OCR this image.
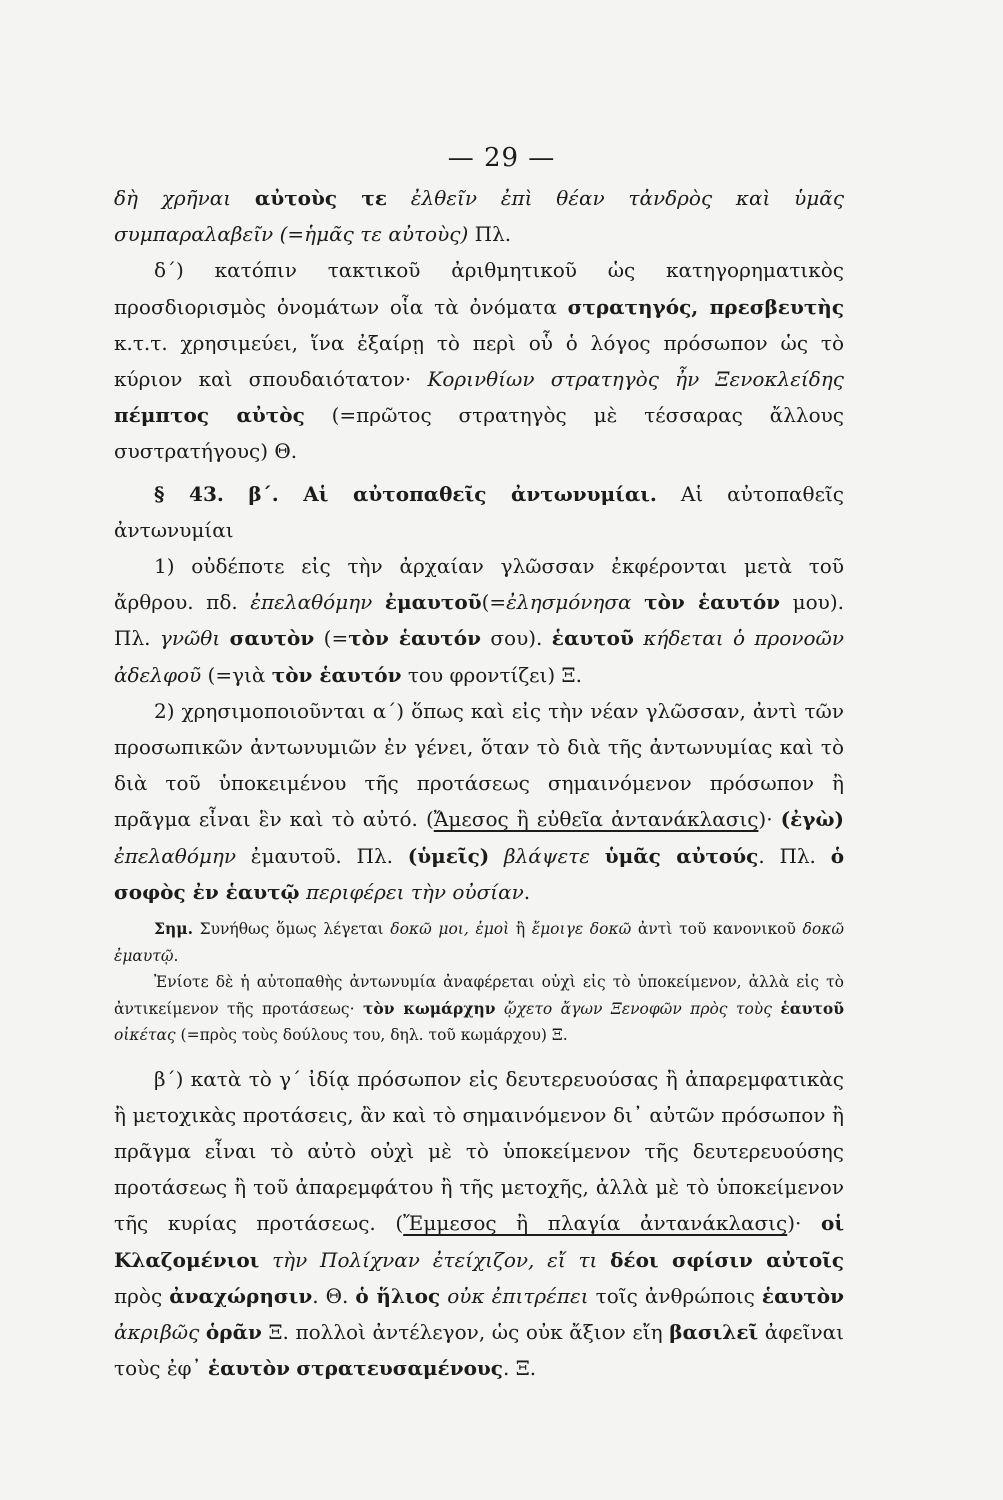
— 29 —

δὴ χρῆναι αὐτοὺς τε ἐλθεῖν ἐπὶ θέαν τἀνδρὸς καὶ ὑμᾶς συμπαραλαβεῖν (=ἡμᾶς τε αὐτοὺς) Πλ.

δ΄) κατόπιν τακτικοῦ ἀριθμητικοῦ ὡς κατηγορηματικὸς προσδιορισμὸς ὀνομάτων οἷα τὰ ὀνόματα στρατηγός, πρεσβευτὴς κ.τ.τ. χρησιμεύει, ἵνα ἐξαίρῃ τὸ περὶ οὗ ὁ λόγος πρόσωπον ὡς τὸ κύριον καὶ σπουδαιότατον· Κορινθίων στρατηγὸς ἦν Ξενοκλείδης πέμπτος αὐτὸς (=πρῶτος στρατηγὸς μὲ τέσσαρας ἄλλους συστρατήγους) Θ.

§ 43. β΄. Αἱ αὐτοπαθεῖς ἀντωνυμίαι. Αἱ αὐτοπαθεῖς ἀντωνυμίαι

1) οὐδέποτε εἰς τὴν ἀρχαίαν γλῶσσαν ἐκφέρονται μετὰ τοῦ ἄρθρου. πδ. ἐπελαθόμην ἐμαυτοῦ(=ἐλησμόνησα τὸν ἑαυτόν μου). Πλ. γνῶθι σαυτὸν (=τὸν ἑαυτόν σου). ἑαυτοῦ κήδεται ὁ προνοῶν ἀδελφοῦ (=γιὰ τὸν ἑαυτόν του φροντίζει) Ξ.

2) χρησιμοποιοῦνται α΄) ὅπως καὶ εἰς τὴν νέαν γλῶσσαν, ἀντὶ τῶν προσωπικῶν ἀντωνυμιῶν ἐν γένει, ὅταν τὸ διὰ τῆς ἀντωνυμίας καὶ τὸ διὰ τοῦ ὑποκειμένου τῆς προτάσεως σημαινόμενον πρόσωπον ἢ πρᾶγμα εἶναι ἓν καὶ τὸ αὐτό. (Ἄμεσος ἢ εὐθεῖα ἀντανάκλασις)· (ἐγὼ) ἐπελαθόμην ἐμαυτοῦ. Πλ. (ὑμεῖς) βλάψετε ὑμᾶς αὐτούς. Πλ. ὁ σοφὸς ἐν ἑαυτῷ περιφέρει τὴν οὐσίαν.

Σημ. Συνήθως ὅμως λέγεται δοκῶ μοι, ἐμοὶ ἢ ἔμοιγε δοκῶ ἀντὶ τοῦ κανονικοῦ δοκῶ ἐμαυτῷ.

Ἐνίοτε δὲ ἡ αὐτοπαθὴς ἀντωνυμία ἀναφέρεται οὐχὶ εἰς τὸ ὑποκείμενον, ἀλλὰ εἰς τὸ ἀντικείμενον τῆς προτάσεως· τὸν κωμάρχην ᾤχετο ἄγων Ξενοφῶν πρὸς τοὺς ἑαυτοῦ οἰκέτας (=πρὸς τοὺς δούλους του, δηλ. τοῦ κωμάρχου) Ξ.

β΄) κατὰ τὸ γ΄ ἰδίᾳ πρόσωπον εἰς δευτερευούσας ἢ ἀπαρεμφατικὰς ἢ μετοχικὰς προτάσεις, ἂν καὶ τὸ σημαινόμενον δι᾿ αὐτῶν πρόσωπον ἢ πρᾶγμα εἶναι τὸ αὐτὸ οὐχὶ μὲ τὸ ὑποκείμενον τῆς δευτερευούσης προτάσεως ἢ τοῦ ἀπαρεμφάτου ἢ τῆς μετοχῆς, ἀλλὰ μὲ τὸ ὑποκείμενον τῆς κυρίας προτάσεως. (Ἔμμεσος ἢ πλαγία ἀντανάκλασις)· οἱ Κλαζομένιοι τὴν Πολίχναν ἐτείχιζον, εἴ τι δέοι σφίσιν αὐτοῖς πρὸς ἀναχώρησιν. Θ. ὁ ἥλιος οὐκ ἐπιτρέπει τοῖς ἀνθρώποις ἑαυτὸν ἀκριβῶς ὁρᾶν Ξ. πολλοὶ ἀντέλεγον, ὡς οὐκ ἄξιον εἴη βασιλεῖ ἀφεῖναι τοὺς ἐφ᾿ ἑαυτὸν στρατευσαμένους. Ξ.
